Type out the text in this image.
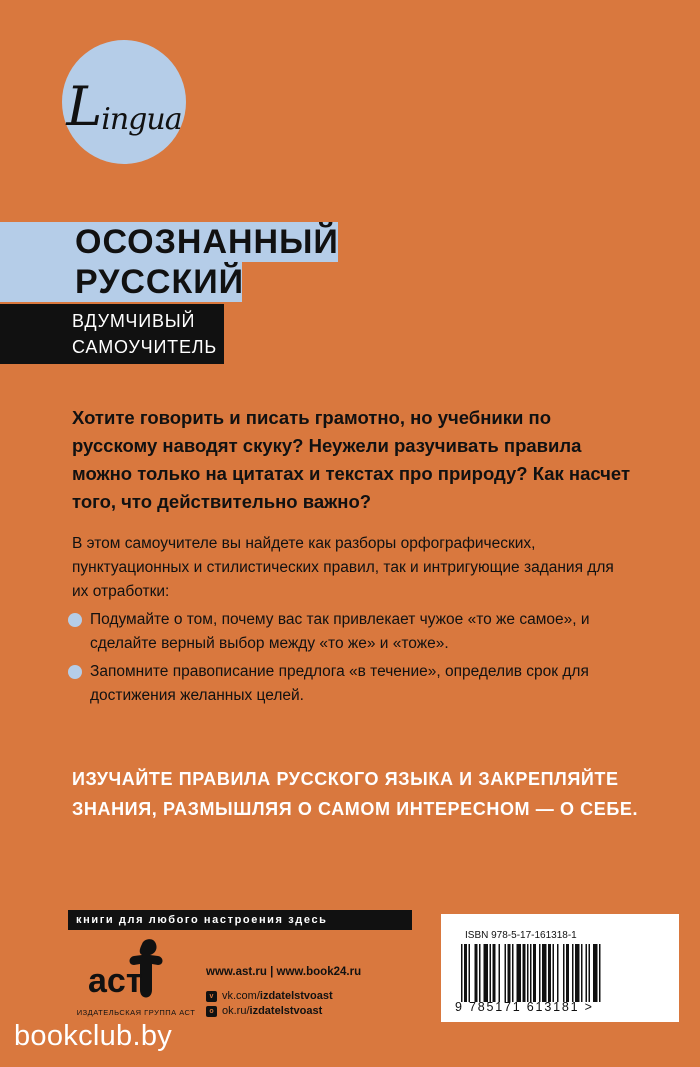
Lingua
ОСОЗНАННЫЙ
РУССКИЙ
ВДУМЧИВЫЙ
САМОУЧИТЕЛЬ

Хотите говорить и писать грамотно, но учебники по русскому наводят скуку? Неужели разучивать правила можно только на цитатах и текстах про природу? Как насчет того, что действительно важно?

В этом самоучителе вы найдете как разборы орфографических, пунктуационных и стилистических правил, так и интригующие задания для их отработки:

Подумайте о том, почему вас так привлекает чужое «то же самое», и сделайте верный выбор между «то же» и «тоже».
Запомните правописание предлога «в течение», определив срок для достижения желанных целей.

ИЗУЧАЙТЕ ПРАВИЛА РУССКОГО ЯЗЫКА И ЗАКРЕПЛЯЙТЕ
ЗНАНИЯ, РАЗМЫШЛЯЯ О САМОМ ИНТЕРЕСНОМ — О СЕБЕ.

книги для любого настроения здесь
аст
ИЗДАТЕЛЬСКАЯ ГРУППА АСТ
www.ast.ru | www.book24.ru
v vk.com/ izdatelstvoast
o ok.ru/ izdatelstvoast
ISBN 978-5-17-161318-1
9 785171 613181 >
bookclub.by
